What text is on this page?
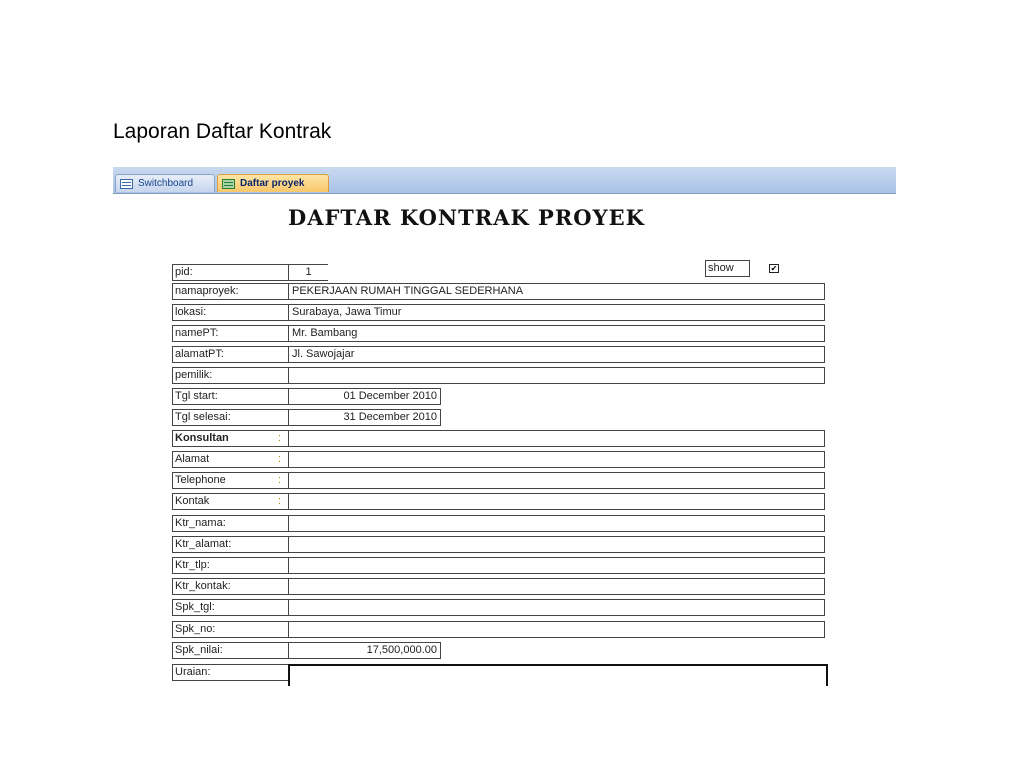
Laporan Daftar Kontrak
Switchboard	Daftar proyek
DAFTAR KONTRAK PROYEK
pid:	1	show	✔
namaproyek:	PEKERJAAN RUMAH TINGGAL SEDERHANA
lokasi:	Surabaya, Jawa Timur
namePT:	Mr. Bambang
alamatPT:	Jl. Sawojajar
pemilik:
Tgl start:	01 December 2010
Tgl selesai:	31 December 2010
Konsultan	:
Alamat	:
Telephone	:
Kontak	:
Ktr_nama:
Ktr_alamat:
Ktr_tlp:
Ktr_kontak:
Spk_tgl:
Spk_no:
Spk_nilai:	17,500,000.00
Uraian:
